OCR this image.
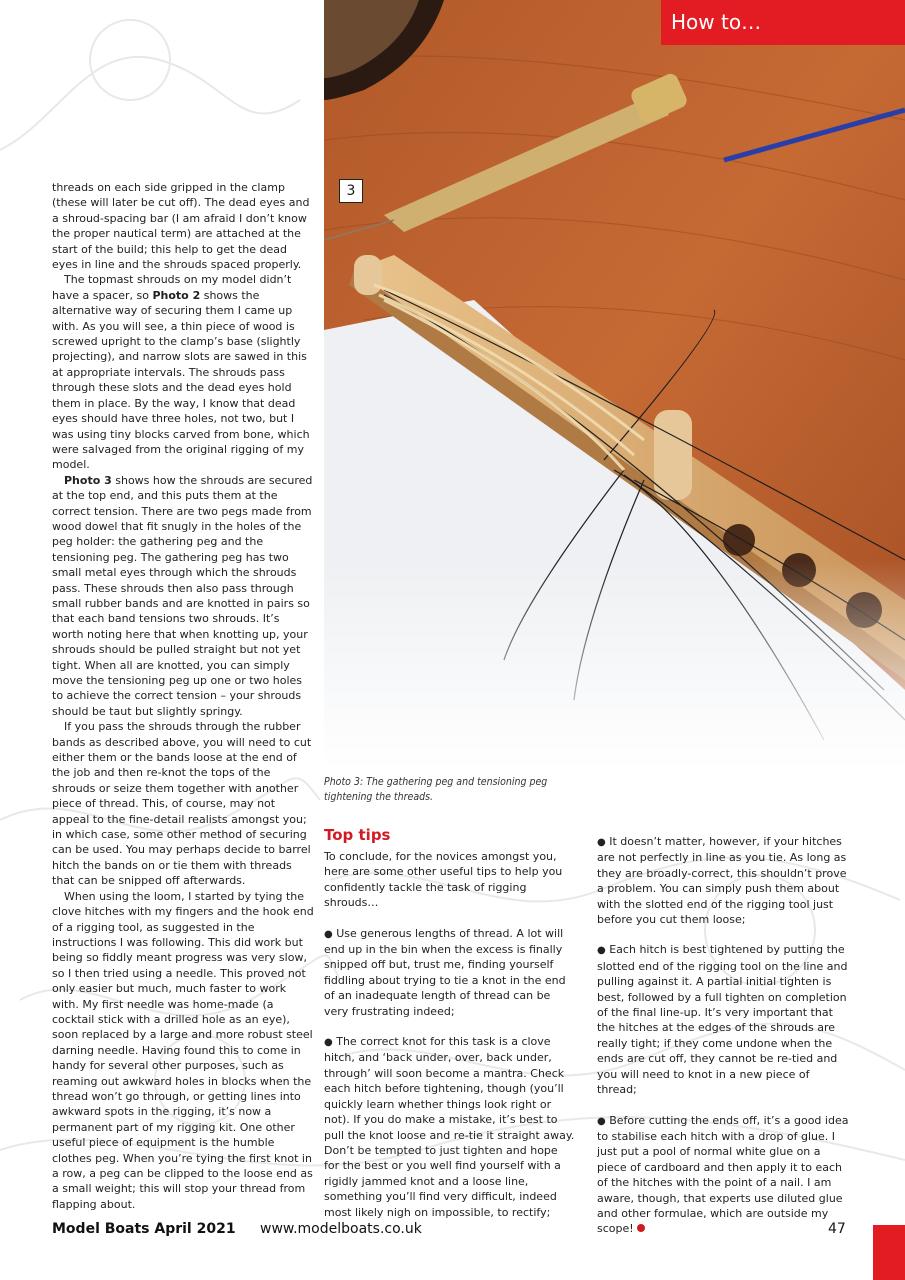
How to…
3
Photo 3: The gathering peg and tensioning peg tightening the threads.

threads on each side gripped in the clamp (these will later be cut off). The dead eyes and a shroud-spacing bar (I am afraid I don’t know the proper nautical term) are attached at the start of the build; this help to get the dead eyes in line and the shrouds spaced properly.

The topmast shrouds on my model didn’t have a spacer, so Photo 2 shows the alternative way of securing them I came up with. As you will see, a thin piece of wood is screwed upright to the clamp’s base (slightly projecting), and narrow slots are sawed in this at appropriate intervals. The shrouds pass through these slots and the dead eyes hold them in place. By the way, I know that dead eyes should have three holes, not two, but I was using tiny blocks carved from bone, which were salvaged from the original rigging of my model.

Photo 3 shows how the shrouds are secured at the top end, and this puts them at the correct tension. There are two pegs made from wood dowel that fit snugly in the holes of the peg holder: the gathering peg and the tensioning peg. The gathering peg has two small metal eyes through which the shrouds pass. These shrouds then also pass through small rubber bands and are knotted in pairs so that each band tensions two shrouds. It’s worth noting here that when knotting up, your shrouds should be pulled straight but not yet tight. When all are knotted, you can simply move the tensioning peg up one or two holes to achieve the correct tension – your shrouds should be taut but slightly springy.

If you pass the shrouds through the rubber bands as described above, you will need to cut either them or the bands loose at the end of the job and then re-knot the tops of the shrouds or seize them together with another piece of thread. This, of course, may not appeal to the fine-detail realists amongst you; in which case, some other method of securing can be used. You may perhaps decide to barrel hitch the bands on or tie them with threads that can be snipped off afterwards.

When using the loom, I started by tying the clove hitches with my fingers and the hook end of a rigging tool, as suggested in the instructions I was following. This did work but being so fiddly meant progress was very slow, so I then tried using a needle. This proved not only easier but much, much faster to work with. My first needle was home-made (a cocktail stick with a drilled hole as an eye), soon replaced by a large and more robust steel darning needle. Having found this to come in handy for several other purposes, such as reaming out awkward holes in blocks when the thread won’t go through, or getting lines into awkward spots in the rigging, it’s now a permanent part of my rigging kit. One other useful piece of equipment is the humble clothes peg. When you’re tying the first knot in a row, a peg can be clipped to the loose end as a small weight; this will stop your thread from flapping about.

Top tips

To conclude, for the novices amongst you, here are some other useful tips to help you confidently tackle the task of rigging shrouds…

● Use generous lengths of thread. A lot will end up in the bin when the excess is finally snipped off but, trust me, finding yourself fiddling about trying to tie a knot in the end of an inadequate length of thread can be very frustrating indeed;

● The correct knot for this task is a clove hitch, and ‘back under, over, back under, through’ will soon become a mantra. Check each hitch before tightening, though (you’ll quickly learn whether things look right or not). If you do make a mistake, it’s best to pull the knot loose and re-tie it straight away. Don’t be tempted to just tighten and hope for the best or you well find yourself with a rigidly jammed knot and a loose line, something you’ll find very difficult, indeed most likely nigh on impossible, to rectify;

● It doesn’t matter, however, if your hitches are not perfectly in line as you tie. As long as they are broadly-correct, this shouldn’t prove a problem. You can simply push them about with the slotted end of the rigging tool just before you cut them loose;

● Each hitch is best tightened by putting the slotted end of the rigging tool on the line and pulling against it. A partial initial tighten is best, followed by a full tighten on completion of the final line-up. It’s very important that the hitches at the edges of the shrouds are really tight; if they come undone when the ends are cut off, they cannot be re-tied and you will need to knot in a new piece of thread;

● Before cutting the ends off, it’s a good idea to stabilise each hitch with a drop of glue. I just put a pool of normal white glue on a piece of cardboard and then apply it to each of the hitches with the point of a nail. I am aware, though, that experts use diluted glue and other formulae, which are outside my scope!

Model Boats April 2021 www.modelboats.co.uk	47
